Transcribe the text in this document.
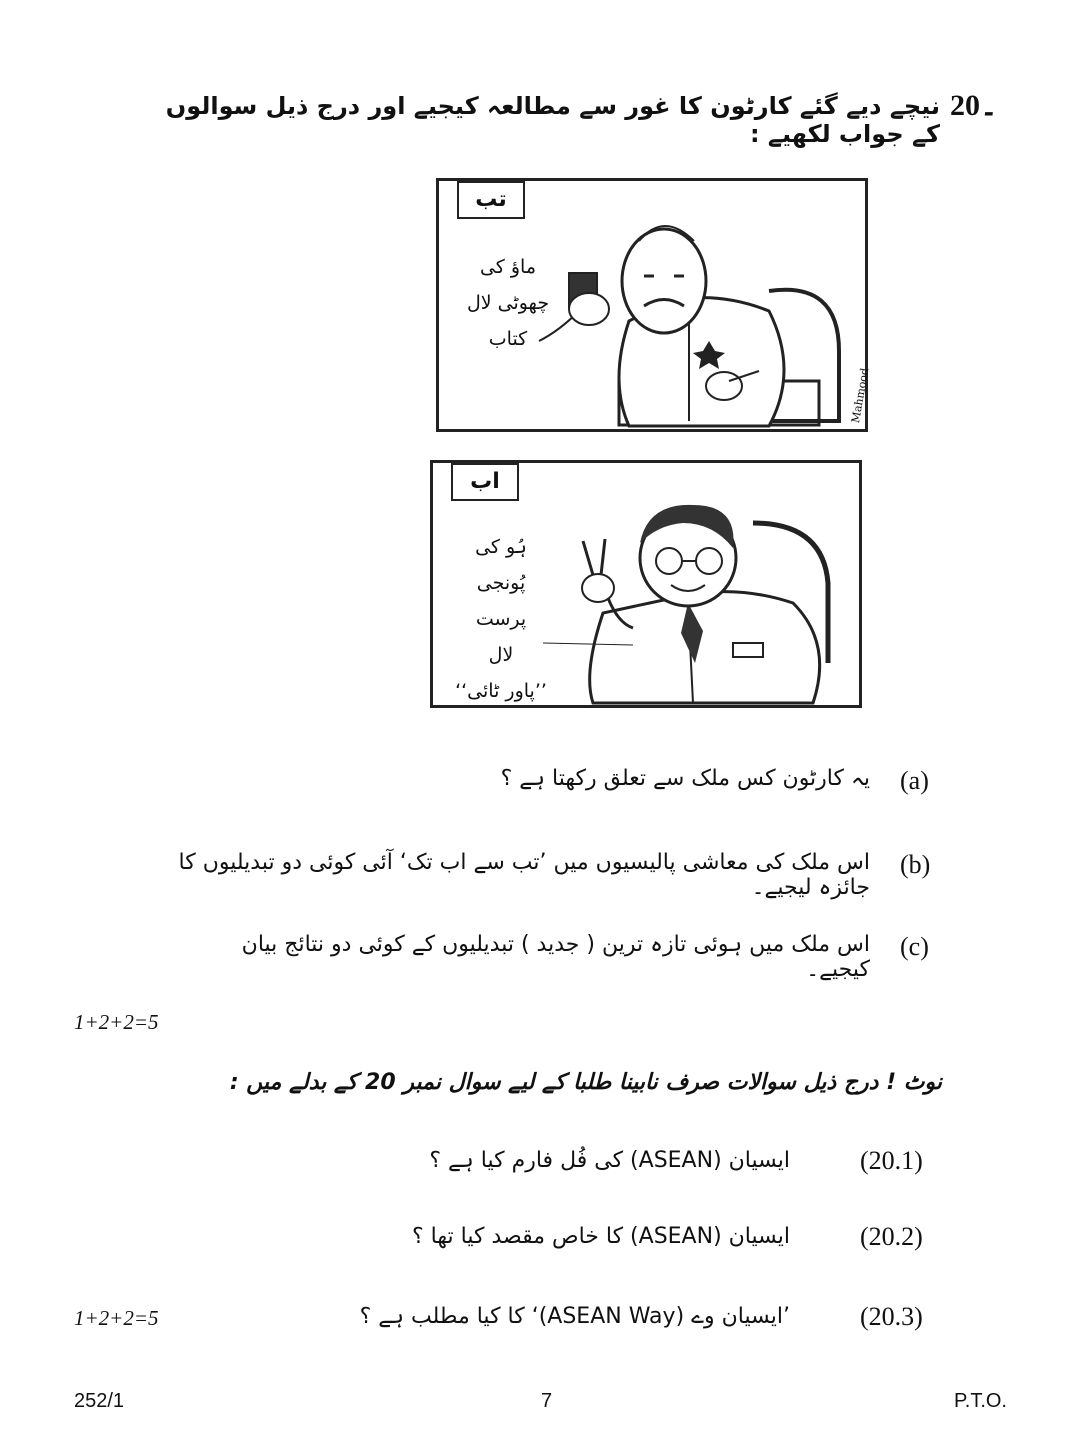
20۔
نیچے دیے گئے کارٹون کا غور سے مطالعہ کیجیے اور درج ذیل سوالوں کے جواب لکھیے :
تب
ماؤ کی
چھوٹی لال
کتاب
Mahmood
اب
ہُو کی
پُونجی پرست
لال
’’پاور ٹائی‘‘
(a)
یہ کارٹون کس ملک سے تعلق رکھتا ہے ؟
(b)
اس ملک کی معاشی پالیسیوں میں ’تب سے اب تک‘ آئی کوئی دو تبدیلیوں کا جائزہ لیجیے۔
(c)
اس ملک میں ہوئی تازہ ترین ( جدید ) تبدیلیوں کے کوئی دو نتائج بیان کیجیے۔
1+2+2=5
نوٹ ! درج ذیل سوالات صرف نابینا طلبا کے لیے سوال نمبر 20 کے بدلے میں :
(20.1)
ایسیان (ASEAN) کی فُل فارم کیا ہے ؟
(20.2)
ایسیان (ASEAN) کا خاص مقصد کیا تھا ؟
(20.3)
’ایسیان وے (ASEAN Way)‘ کا کیا مطلب ہے ؟
1+2+2=5
252/1	7	P.T.O.
